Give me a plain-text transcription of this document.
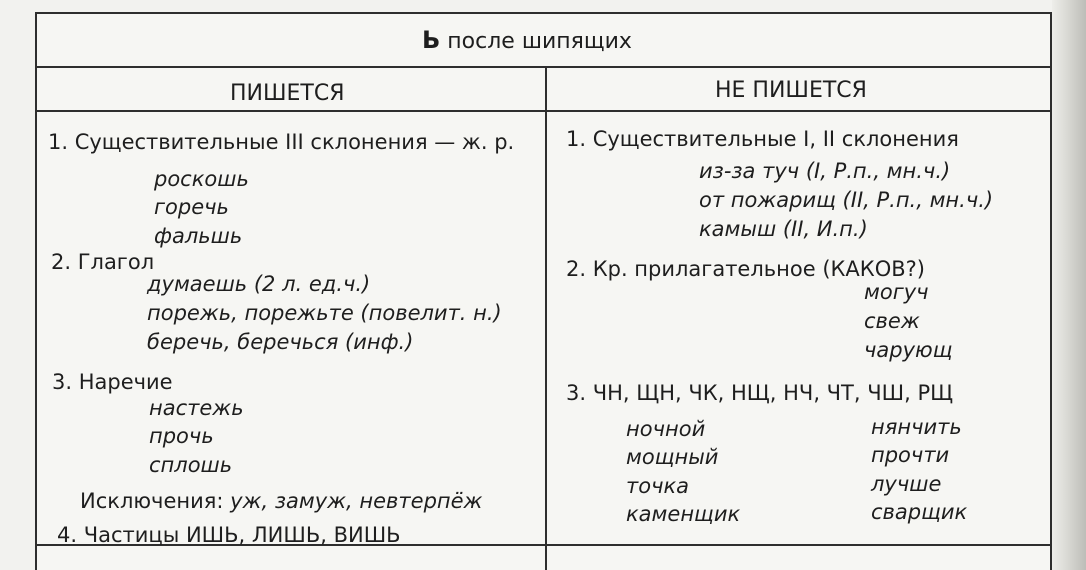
Ь после шипящих
ПИШЕТСЯ	НЕ ПИШЕТСЯ
1. Существительные III склонения — ж. р.
роскошь
горечь
фальшь
2. Глагол
думаешь (2 л. ед.ч.)
порежь, порежьте (повелит. н.)
беречь, беречься (инф.)
3. Наречие
настежь
прочь
сплошь
Исключения: уж, замуж, невтерпёж
4. Частицы ИШЬ, ЛИШЬ, ВИШЬ
1. Существительные I, II склонения
из-за туч (I, Р.п., мн.ч.)
от пожарищ (II, Р.п., мн.ч.)
камыш (II, И.п.)
2. Кр. прилагательное (КАКОВ?)
могуч
свеж
чарующ
3. ЧН, ЩН, ЧК, НЩ, НЧ, ЧТ, ЧШ, РЩ
ночной
мощный
точка
каменщик
нянчить
прочти
лучше
сварщик
